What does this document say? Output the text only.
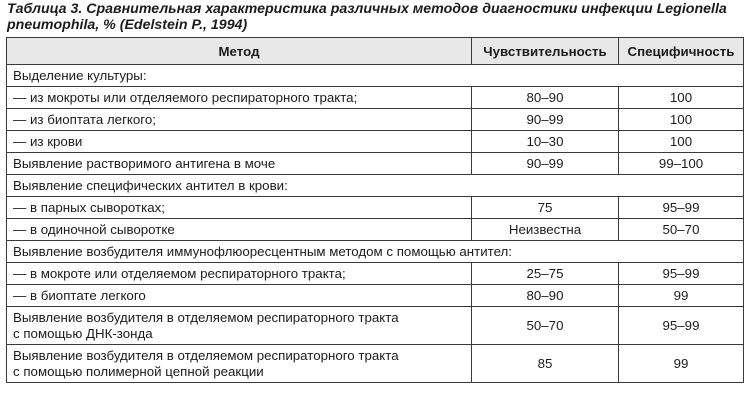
Таблица 3. Сравнительная характеристика различных методов диагностики инфекции Legionella
pneumophila, % (Edelstein P., 1994)
Метод	Чувствительность	Специфичность
Выделение культуры:		
— из мокроты или отделяемого респираторного тракта;	80–90	100
— из биоптата легкого;	90–99	100
— из крови	10–30	100
Выявление растворимого антигена в моче	90–99	99–100
Выявление специфических антител в крови:		
— в парных сыворотках;	75	95–99
— в одиночной сыворотке	Неизвестна	50–70
Выявление возбудителя иммунофлюоресцентным методом с помощью антител:		
— в мокроте или отделяемом респираторного тракта;	25–75	95–99
— в биоптате легкого	80–90	99

Выявление возбудителя в отделяемом респираторного тракта
с помощью ДНК-зонда	50–70	95–99

Выявление возбудителя в отделяемом респираторного тракта
с помощью полимерной цепной реакции	85	99
